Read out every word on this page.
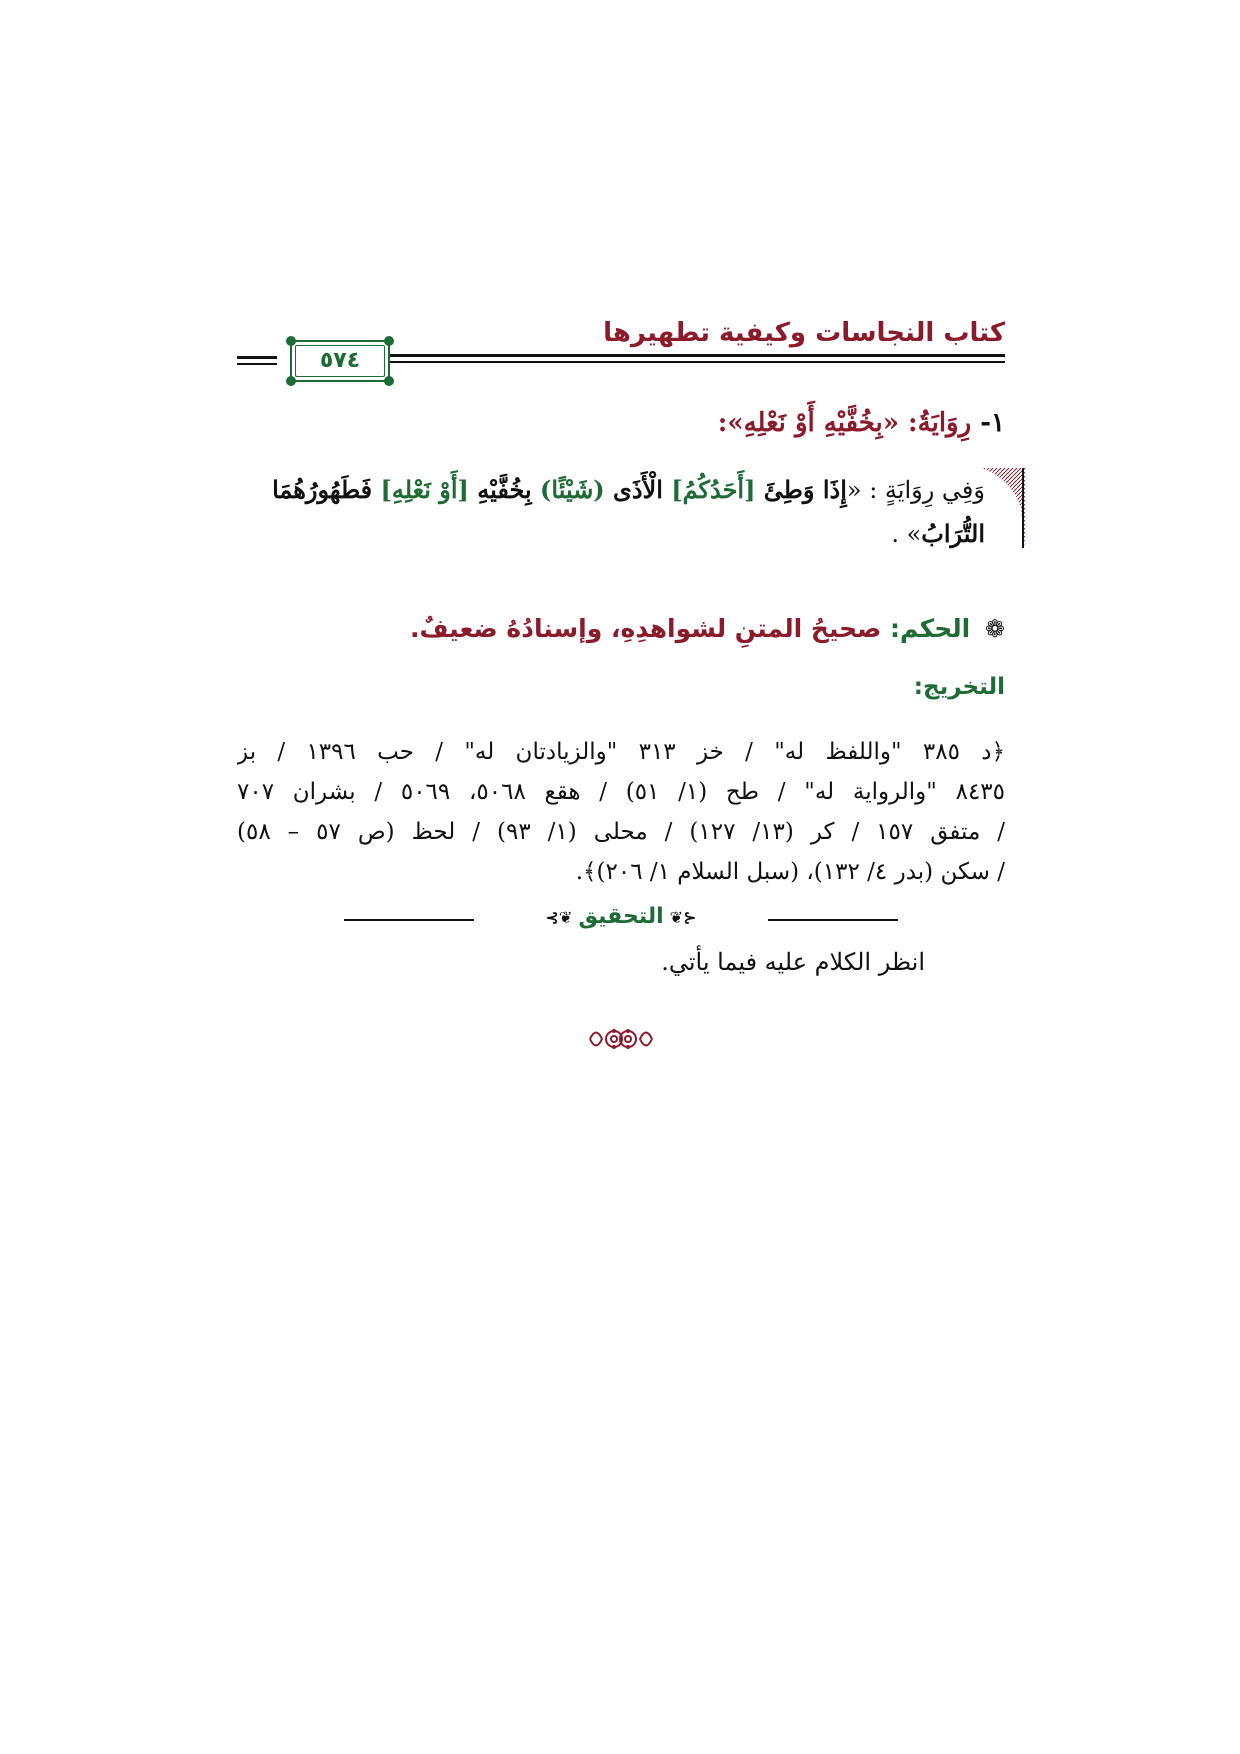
كتاب النجاسات وكيفية تطهيرها
٥٧٤
١- رِوَايَةُ: «بِخُفَّيْهِ أَوْ نَعْلِهِ»:
وَفِي رِوَايَةٍ : «إِذَا وَطِئَ [أَحَدُكُمُ] الْأَذَى (شَيْئًا) بِخُفَّيْهِ [أَوْ نَعْلِهِ] فَطَهُورُهُمَا
التُّرَابُ» .
❁ الحكم: صحيحُ المتنِ لشواهدِهِ، وإسنادُهُ ضعيفٌ.
التخريج:
﴿د ٣٨٥ "واللفظ له" / خز ٣١٣ "والزيادتان له" / حب ١٣٩٦ / بز
٨٤٣٥ "والرواية له" / طح (١/ ٥١) / هقع ٥٠٦٨، ٥٠٦٩ / بشران ٧٠٧
/ متفق ١٥٧ / كر (١٣/ ١٢٧) / محلى (١/ ٩٣) / لحظ (ص ٥٧ – ٥٨)
/ سكن (بدر ٤/ ١٣٢)، (سبل السلام ١/ ٢٠٦)﴾.
⊰❦التحقيق❦⊱
انظر الكلام عليه فيما يأتي.
